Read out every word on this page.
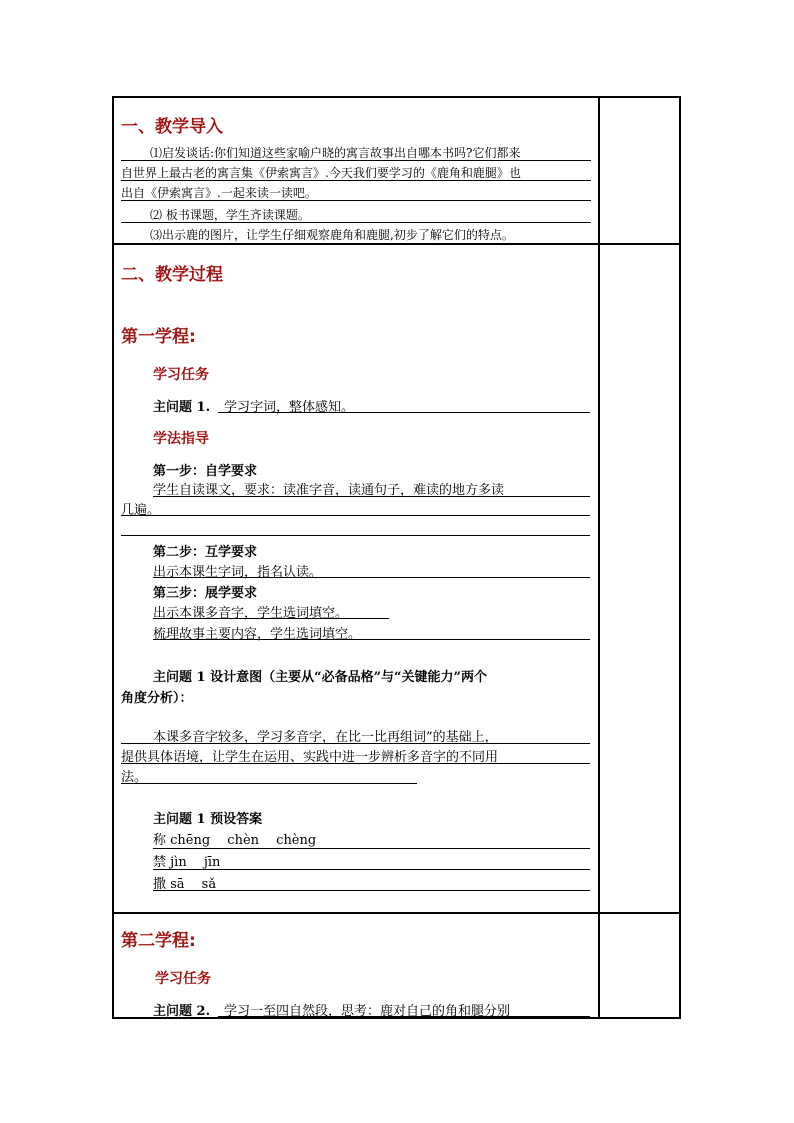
一、教学导入
⑴启发谈话:你们知道这些家喻户晓的寓言故事出自哪本书吗?它们都来
自世界上最古老的寓言集《伊索寓言》.今天我们要学习的《鹿角和鹿腿》也
出自《伊索寓言》.一起来读一读吧。
⑵ 板书课题，学生齐读课题。
⑶出示鹿的图片，让学生仔细观察鹿角和鹿腿,初步了解它们的特点。
二、教学过程
第一学程:
学习任务
主问题 1. 学习字词，整体感知。
学法指导
第一步：自学要求
学生自读课文，要求：读准字音，读通句子，难读的地方多读
几遍。
第二步：互学要求
出示本课生字词，指名认读。
第三步：展学要求
出示本课多音字，学生选词填空。
梳理故事主要内容，学生选词填空。
主问题 1 设计意图（主要从“必备品格”与“关键能力”两个
角度分析）：
本课多音字较多，学习多音字，在比一比再组词”的基础上，
提供具体语境，让学生在运用、实践中进一步辨析多音字的不同用
法。
主问题 1 预设答案
称 chēng　 chèn　 chèng
禁 jìn　 jīn
撒 sā　 sǎ
第二学程:
学习任务
主问题 2. 学习一至四自然段，思考：鹿对自己的角和腿分别
